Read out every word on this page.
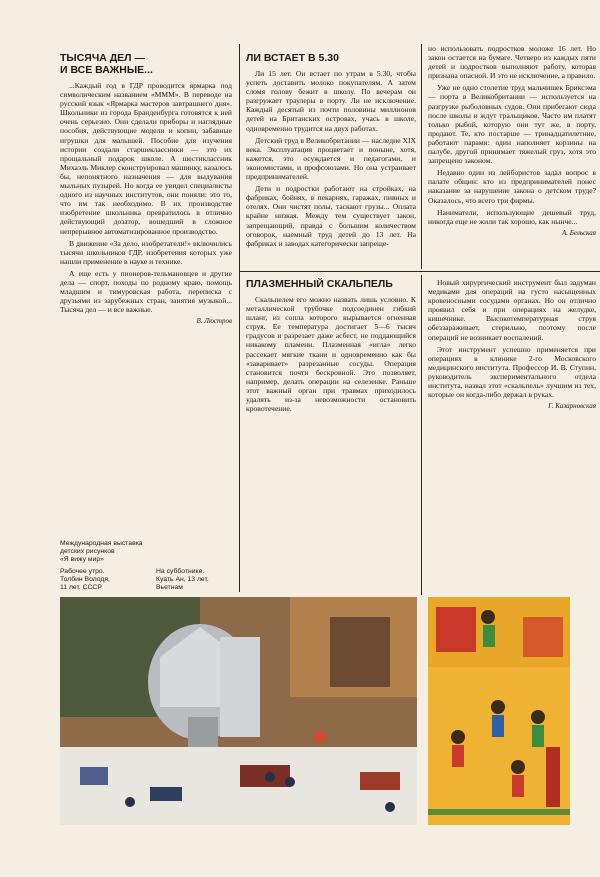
ТЫСЯЧА ДЕЛ —
И ВСЕ ВАЖНЫЕ...

...Каждый год в ГДР проводится ярмарка под символическим названием «МММ». В переводе на русский язык «Ярмарка мастеров завтрашнего дня». Школьники из города Бранденбурга готовятся к ней очень серьезно. Они сделали приборы и наглядные пособия, действующие модели и копии, забавные игрушки для малышей. Пособие для изучения истории создали старшеклассники — это их прощальный подарок школе. А шестиклассник Михаэль Миклер сконструировал машинку, казалось бы, непонятного назначения — для выдувания мыльных пузырей. Но когда ее увидел специалисты одного из научных институтов, они поняли: это то, что им так необходимо. В их производстве изобретение школьника превратилось в отлично действующий дозатор, вошедший в сложное непрерывное автоматизированное производство.

В движение «За дело, изобретатели!» включились тысячи школьников ГДР, изобретения которых уже нашли применение в науке и технике.

А еще есть у пионеров-тельмановцев и другие дела — спорт, походы по родному краю, помощь младшим и тимуровская работа, переписка с друзьями из зарубежных стран, занятия музыкой... Тысяча дел — и все важные.

В. Люстров
Международная выставка
детских рисунков
«Я вижу мир»
Рабочее утро.
Толбин Володя,
11 лет. СССР
На субботнике.
Куать Ан, 13 лет.
Вьетнам
ЛИ ВСТАЕТ В 5.30

Ли 15 лет. Он встает по утрам в 5.30, чтобы успеть доставить молоко покупателям. А затем сломя голову бежит в школу. По вечерам он разгружает траулеры в порту. Ли не исключение. Каждый десятый из почти половины миллионов детей на Британских островах, учась в школе, одновременно трудится на двух работах.

Детский труд в Великобритании — наследие XIX века. Эксплуатация процветает и поныне, хотя, кажется, это осуждается и педагогами, и экономистами, и профсоюзами. Но она устраивает предпринимателей.

Дети и подростки работают на стройках, на фабриках, бойнях, в пекарнях, гаражах, пивных и отелях. Они чистят полы, таскают грузы... Оплата крайне низкая. Между тем существует закон, запрещающий, правда с большим количеством оговорок, наемный труд детей до 13 лет. На фабриках и заводах категорически запреще-

но использовать подростков моложе 16 лет. Но закон остается на бумаге. Четверо из каждых пяти детей и подростков выполняют работу, которая признана опасной. И это не исключение, а правило.

Уже не одно столетие труд мальчишек Бриксэма — порта в Великобритании — используется на разгрузке рыболовных судов. Они прибегают сюда после школы и ждут тральщиков. Часто им платят только рыбой, которую они тут же, в порту, продают. Те, кто постарше — тринадцатилетние, работают парами: один наполняет корзины на палубе, другой принимает тяжелый груз, хотя это запрещено законом.

Недавно один из лейбористов задал вопрос в палате общин: кто из предпринимателей понес наказание за нарушение закона о детском труде? Оказалось, что всего три фирмы.

Наниматели, использующие дешевый труд, никогда еще не жили так хорошо, как нынче...

А. Бельская
ПЛАЗМЕННЫЙ СКАЛЬПЕЛЬ

Скальпелем его можно назвать лишь условно. К металлической трубочке подсоединен гибкий шланг, из сопла которого вырывается огненная струя. Ее температура достигает 5—6 тысяч градусов и разрезает даже асбест, не поддающийся никакому пламени. Плазменная «игла» легко рассекает мягкие ткани и одновременно как бы «заваривает» разрезанные сосуды. Операция становится почти бескровной. Это позволяет, например, делать операции на селезенке. Раньше этот важный орган при травмах приходилось удалять из-за невозможности остановить кровотечение.

Новый хирургический инструмент был задуман медиками для операций на густо насыщенных кровеносными сосудами органах. Но он отлично проявил себя и при операциях на желудке, кишечнике. Высокотемпературная струя обеззараживает, стерильно, поэтому после операций не возникает воспалений.

Этот инструмент успешно применяется при операциях в клинике 2-го Московского медицинского института. Профессор И. В. Ступин, руководитель экспериментального отдела института, назвал этот «скальпель» лучшим из тех, которые он когда-либо держал в руках.

Г. Казарновская
